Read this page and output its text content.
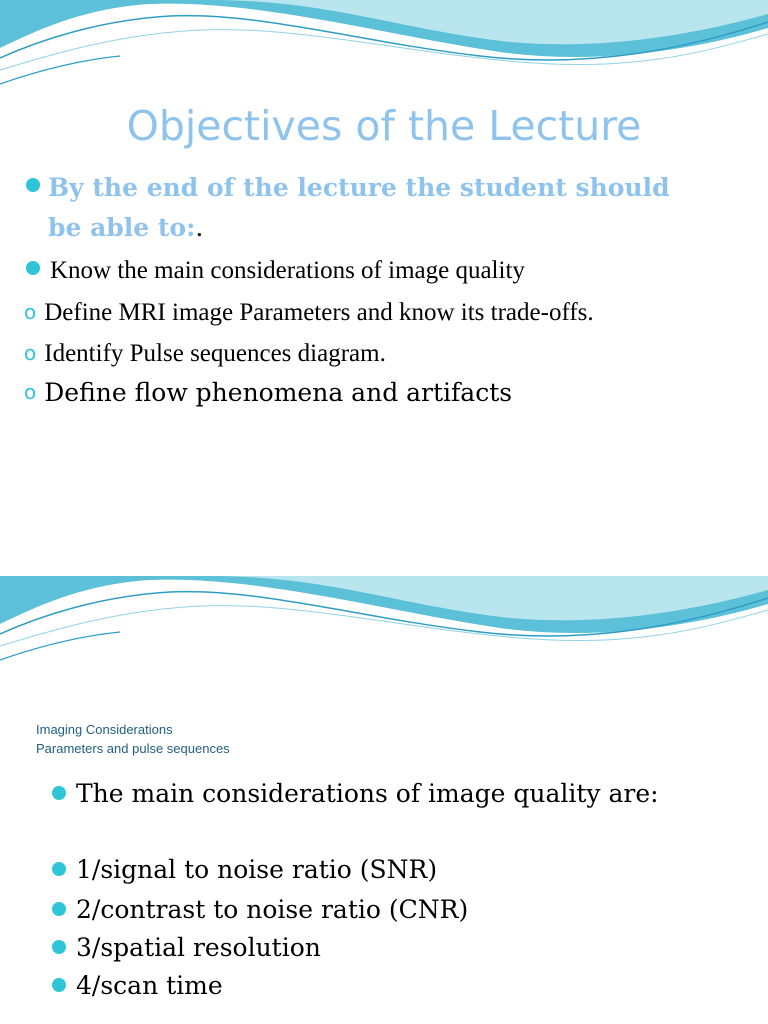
Objectives of the Lecture
By the end of the lecture the student should
be able to:.
Know the main considerations of image quality
o Define MRI image Parameters and know its trade-offs.
o Identify Pulse sequences diagram.
o Define flow phenomena and artifacts
Imaging Considerations
Parameters and pulse sequences
The main considerations of image quality are:
1/signal to noise ratio (SNR)
2/contrast to noise ratio (CNR)
3/spatial resolution
4/scan time
